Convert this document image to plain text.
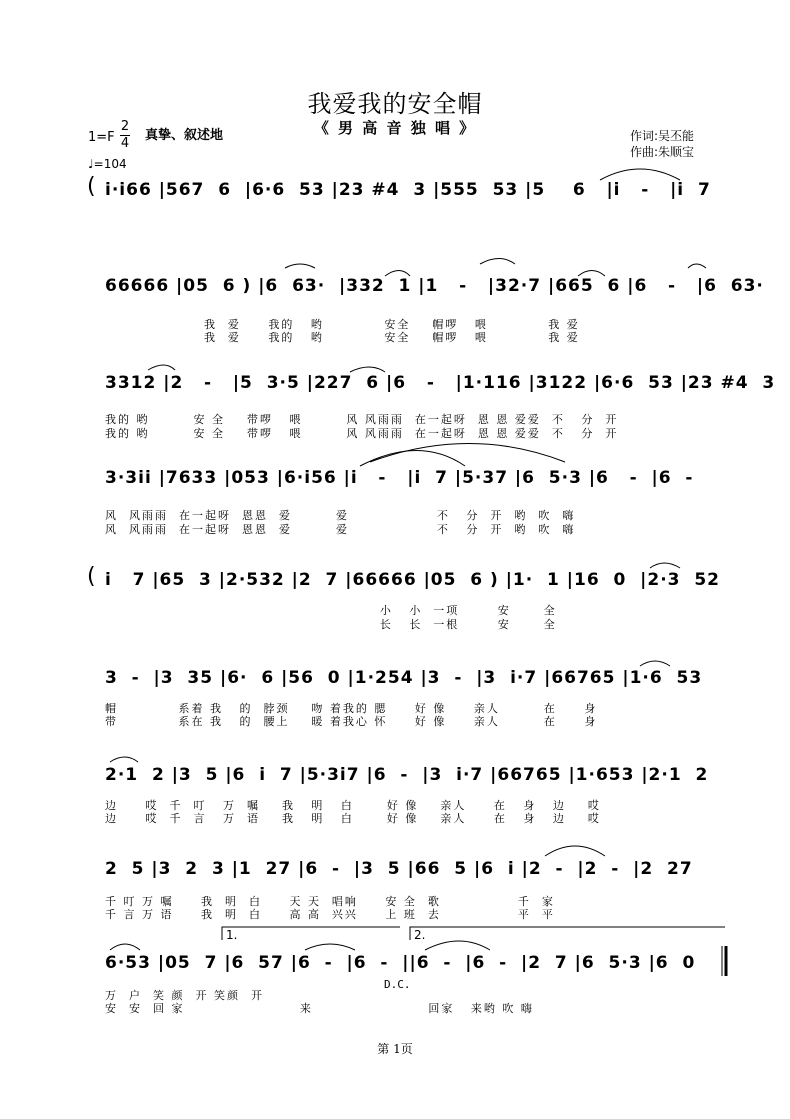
我爱我的安全帽
《 男 高 音 独 唱 》
1=F
2
4
真挚、叙述地
♩=104
作词:吴丕能
作曲:朱顺宝
( i·i66 |567  6  |6·6  53 |23 #4  3 |555  53 |5    6   |i   -   |i  7
66666 |05  6 ) |6  63·  |332  1 |1   -   |32·7 |665  6 |6   -   |6  63·
我  爱     我的   哟           安全    帽啰   喂           我 爱
我  爱     我的   哟           安全    帽啰   喂           我 爱
3312 |2   -   |5  3·5 |227  6 |6   -   |1·116 |3122 |6·6  53 |23 #4  3
我的 哟        安 全    带啰   喂        风 风雨雨  在一起呀  恩 恩 爱爱  不   分  开
我的 哟        安 全    带啰   喂        风 风雨雨  在一起呀  恩 恩 爱爱  不   分  开
3·3ii |7633 |053 |6·i56 |i   -   |i  7 |5·37 |6  5·3 |6   -  |6  -
风  风雨雨  在一起呀  恩恩  爱        爱                不   分  开  哟  吹  嗨
风  风雨雨  在一起呀  恩恩  爱        爱                不   分  开  哟  吹  嗨
( i   7 |65  3 |2·532 |2  7 |66666 |05  6 ) |1·  1 |16  0  |2·3  52
小   小  一项       安      全
长   长  一根       安      全
3  -  |3  35 |6·  6 |56  0 |1·254 |3  -  |3  i·7 |66765 |1·6  53
帽           系着 我   的  脖颈    吻 着我的 腮     好 像     亲人        在     身
带           系在 我   的  腰上    暖 着我心 怀     好 像     亲人        在     身
2·1  2 |3  5 |6  i  7 |5·3i7 |6  -  |3  i·7 |66765 |1·653 |2·1  2
边     哎  千  叮   万  嘱    我   明   白      好 像    亲人     在   身   边    哎
边     哎  千  言   万  语    我   明   白      好 像    亲人     在   身   边    哎
2  5 |3  2  3 |1  27 |6  -  |3  5 |66  5 |6  i |2  -  |2  -  |2  27
千 叮 万 嘱     我  明  白     天 天  唱响     安 全  歌              千  家
千 言 万 语     我  明  白     高 高  兴兴     上 班  去              平  平
6·53 |05  7 |6  57 |6  -  |6  -  ||6  -  |6  -  |2  7 |6  5·3 |6  0
万  户  笑 颜  开 笑颜  开
安  安  回 家                     来                     回家   来哟 吹 嗨
1.	2.
D.C.
第 1页
